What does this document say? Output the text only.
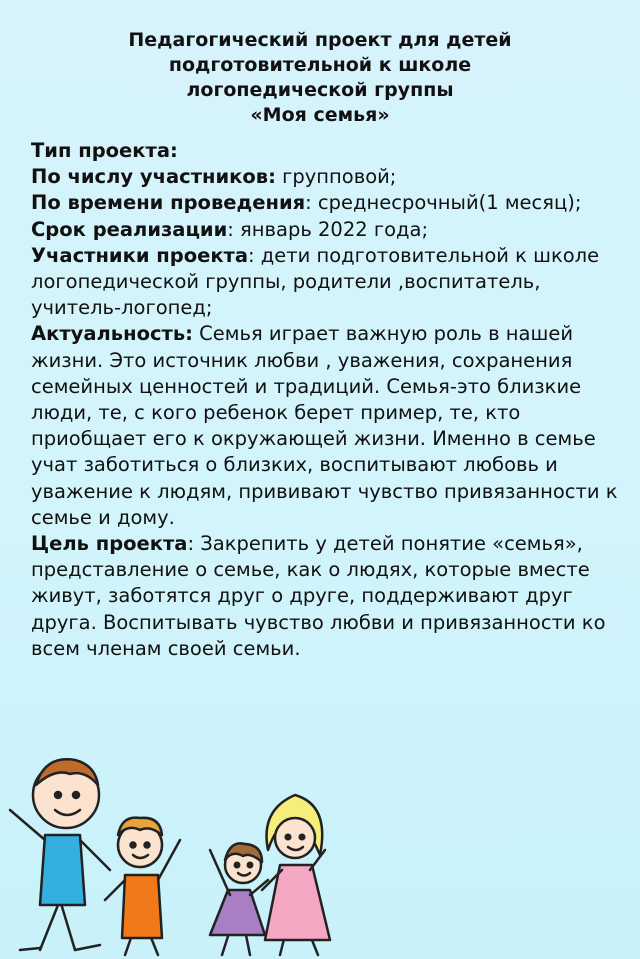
Педагогический проект для детей
подготовительной к школе
логопедической группы
«Моя семья»

Тип проекта:

По числу участников: групповой;

По времени проведения: среднесрочный(1 месяц);

Срок реализации: январь 2022 года;

Участники проекта: дети подготовительной к школе логопедической группы, родители ,воспитатель, учитель-логопед;

Актуальность: Семья играет важную роль в нашей жизни. Это источник любви , уважения, сохранения семейных ценностей и традиций. Семья-это близкие люди, те, с кого ребенок берет пример, те, кто приобщает его к окружающей жизни. Именно в семье учат заботиться о близких, воспитывают любовь и уважение к людям, прививают чувство привязанности к семье и дому.

Цель проекта: Закрепить у детей понятие «семья», представление о семье, как о людях, которые вместе живут, заботятся друг о друге, поддерживают друг друга. Воспитывать чувство любви и привязанности ко всем членам своей семьи.
